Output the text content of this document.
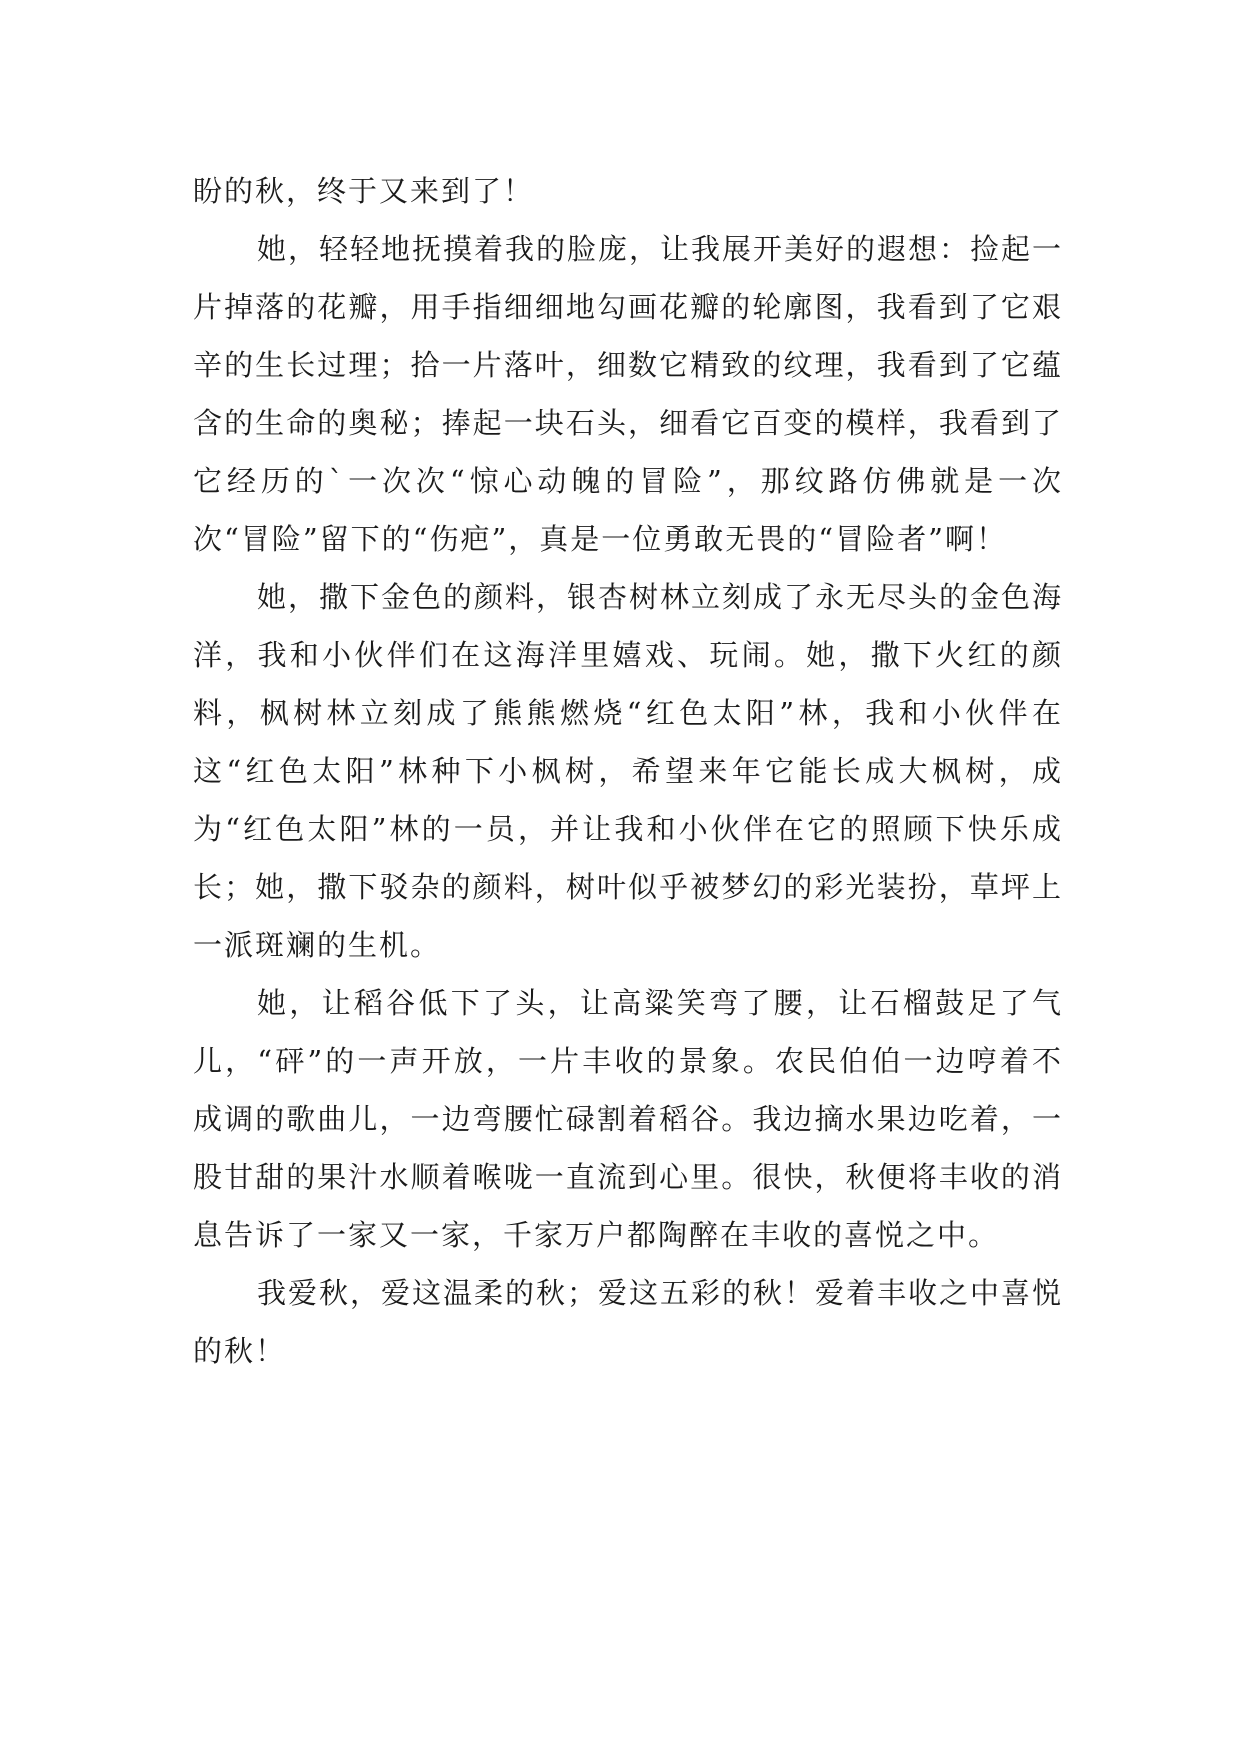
盼的秋，终于又来到了！

她，轻轻地抚摸着我的脸庞，让我展开美好的遐想：捡起一片掉落的花瓣，用手指细细地勾画花瓣的轮廓图，我看到了它艰辛的生长过理；拾一片落叶，细数它精致的纹理，我看到了它蕴含的生命的奥秘；捧起一块石头，细看它百变的模样，我看到了它经历的`一次次“惊心动魄的冒险”，那纹路仿佛就是一次次“冒险”留下的“伤疤”，真是一位勇敢无畏的“冒险者”啊！

她，撒下金色的颜料，银杏树林立刻成了永无尽头的金色海洋，我和小伙伴们在这海洋里嬉戏、玩闹。她，撒下火红的颜料，枫树林立刻成了熊熊燃烧“红色太阳”林，我和小伙伴在这“红色太阳”林种下小枫树，希望来年它能长成大枫树，成为“红色太阳”林的一员，并让我和小伙伴在它的照顾下快乐成长；她，撒下驳杂的颜料，树叶似乎被梦幻的彩光装扮，草坪上一派斑斓的生机。

她，让稻谷低下了头，让高粱笑弯了腰，让石榴鼓足了气儿，“砰”的一声开放，一片丰收的景象。农民伯伯一边哼着不成调的歌曲儿，一边弯腰忙碌割着稻谷。我边摘水果边吃着，一股甘甜的果汁水顺着喉咙一直流到心里。很快，秋便将丰收的消息告诉了一家又一家，千家万户都陶醉在丰收的喜悦之中。

我爱秋，爱这温柔的秋；爱这五彩的秋！爱着丰收之中喜悦的秋！
